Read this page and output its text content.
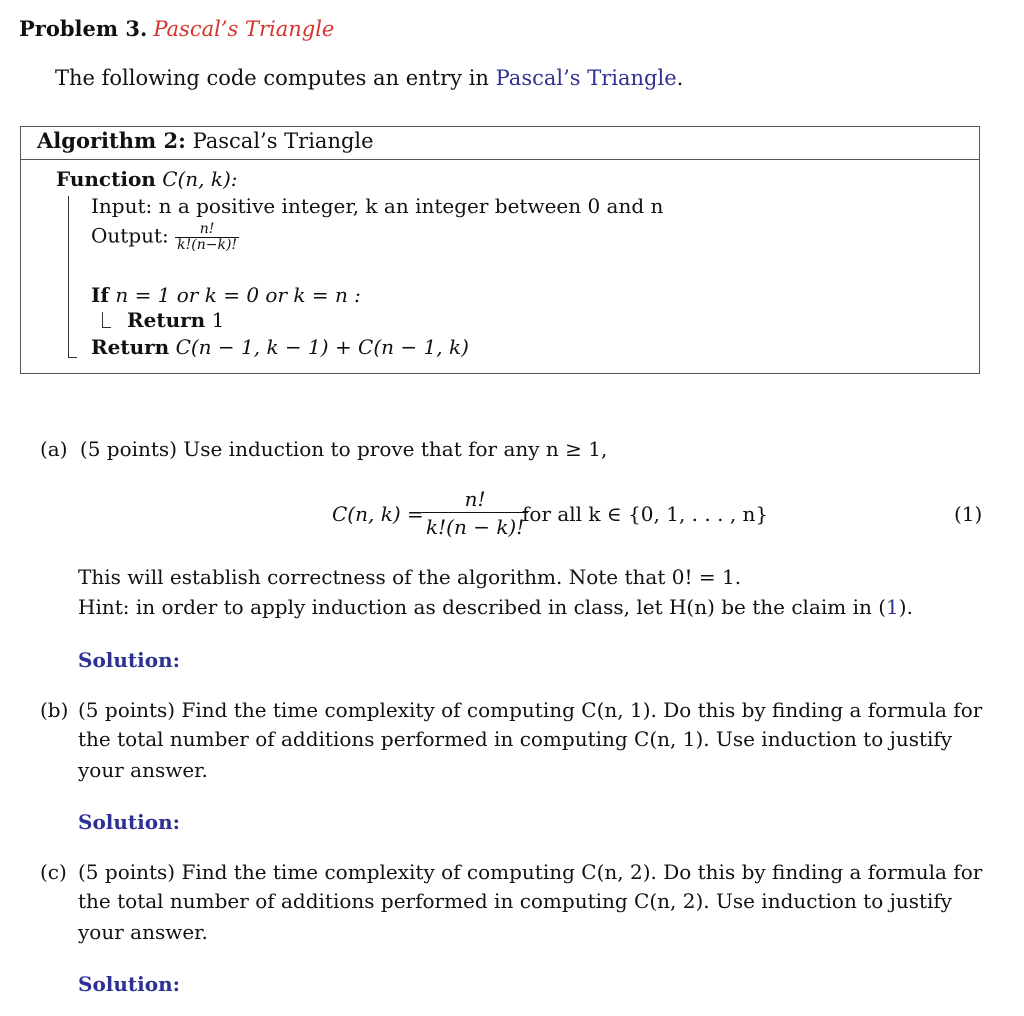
Problem 3. Pascal’s Triangle
The following code computes an entry in Pascal’s Triangle.
Algorithm 2: Pascal’s Triangle
Function C(n, k):
Input: n a positive integer, k an integer between 0 and n
Output: $\frac{n!}{k!(n-k)!}$
If n = 1 or k = 0 or k = n :
Return 1
Return C(n − 1, k − 1) + C(n − 1, k)
(a) (5 points) Use induction to prove that for any n ≥ 1,
C(n, k) =
$\frac{n!}{k!(n - k)!}$
for all k ∈ {0, 1, . . . , n}	(1)
This will establish correctness of the algorithm. Note that 0! = 1.
Hint: in order to apply induction as described in class, let H(n) be the claim in (1).
Solution:
(b) (5 points) Find the time complexity of computing C(n, 1). Do this by finding a formula for
the total number of additions performed in computing C(n, 1). Use induction to justify
your answer.
Solution:
(c) (5 points) Find the time complexity of computing C(n, 2). Do this by finding a formula for
the total number of additions performed in computing C(n, 2). Use induction to justify
your answer.
Solution:
